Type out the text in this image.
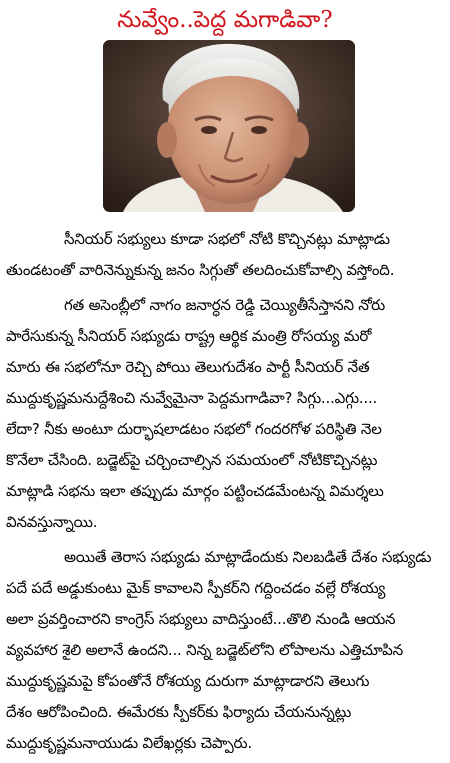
నువ్వేం..పెద్ద మగాడివా?
సీనియర్ సభ్యులు కూడా సభలో నోటి కొచ్చినట్లు మాట్లాడు
తుండటంతో వారినెన్నుకున్న జనం సిగ్గుతో తలదించుకోవాల్సి వస్తోంది.
గత అసెంబ్లీలో నాగం జనార్ధన రెడ్డి చెయ్యితీసేస్తానని నోరు
పారేసుకున్న సీనియర్ సభ్యుడు రాష్ట్ర ఆర్థిక మంత్రి రోసయ్య మరో
మారు ఈ సభలోనూ రెచ్చి పోయి తెలుగుదేశం పార్టీ సీనియర్ నేత
ముద్దుకృష్ణమనుద్దేశించి నువ్వేమైనా పెద్దమగాడివా? సిగ్గు...ఎగ్గు....
లేదా? నీకు అంటూ దుర్భాషలాడటం సభలో గందరగోళ పరిస్థితి నెల
కొనేలా చేసింది. బడ్జెట్‌పై చర్చించాల్సిన సమయంలో నోటికొచ్చినట్లు
మాట్లాడి సభను ఇలా తప్పుడు మార్గం పట్టించడమేంటన్న విమర్శలు
వినవస్తున్నాయి.
అయితే తెరాస సభ్యుడు మాట్లాడేందుకు నిలబడితే దేశం సభ్యుడు
పదే పదే అడ్డుకుంటు మైక్ కావాలని స్పీకర్‌ని గద్దించడం వల్లే రోశయ్య
అలా ప్రవర్తించారని కాంగ్రెస్ సభ్యులు వాదిస్తుంటే...తొలి నుండి ఆయన
వ్యవహార శైలి అలానే ఉందని... నిన్న బడ్జెట్‌లోని లోపాలను ఎత్తిచూపిన
ముద్దుకృష్ణమపై కోపంతోనే రోశయ్య దురుగా మాట్లాడారని తెలుగు
దేశం ఆరోపించింది. ఈమేరకు స్పీకర్‌కు ఫిర్యాదు చేయనున్నట్లు
ముద్దుకృష్ణమనాయుడు విలేఖర్లకు చెప్పారు.
